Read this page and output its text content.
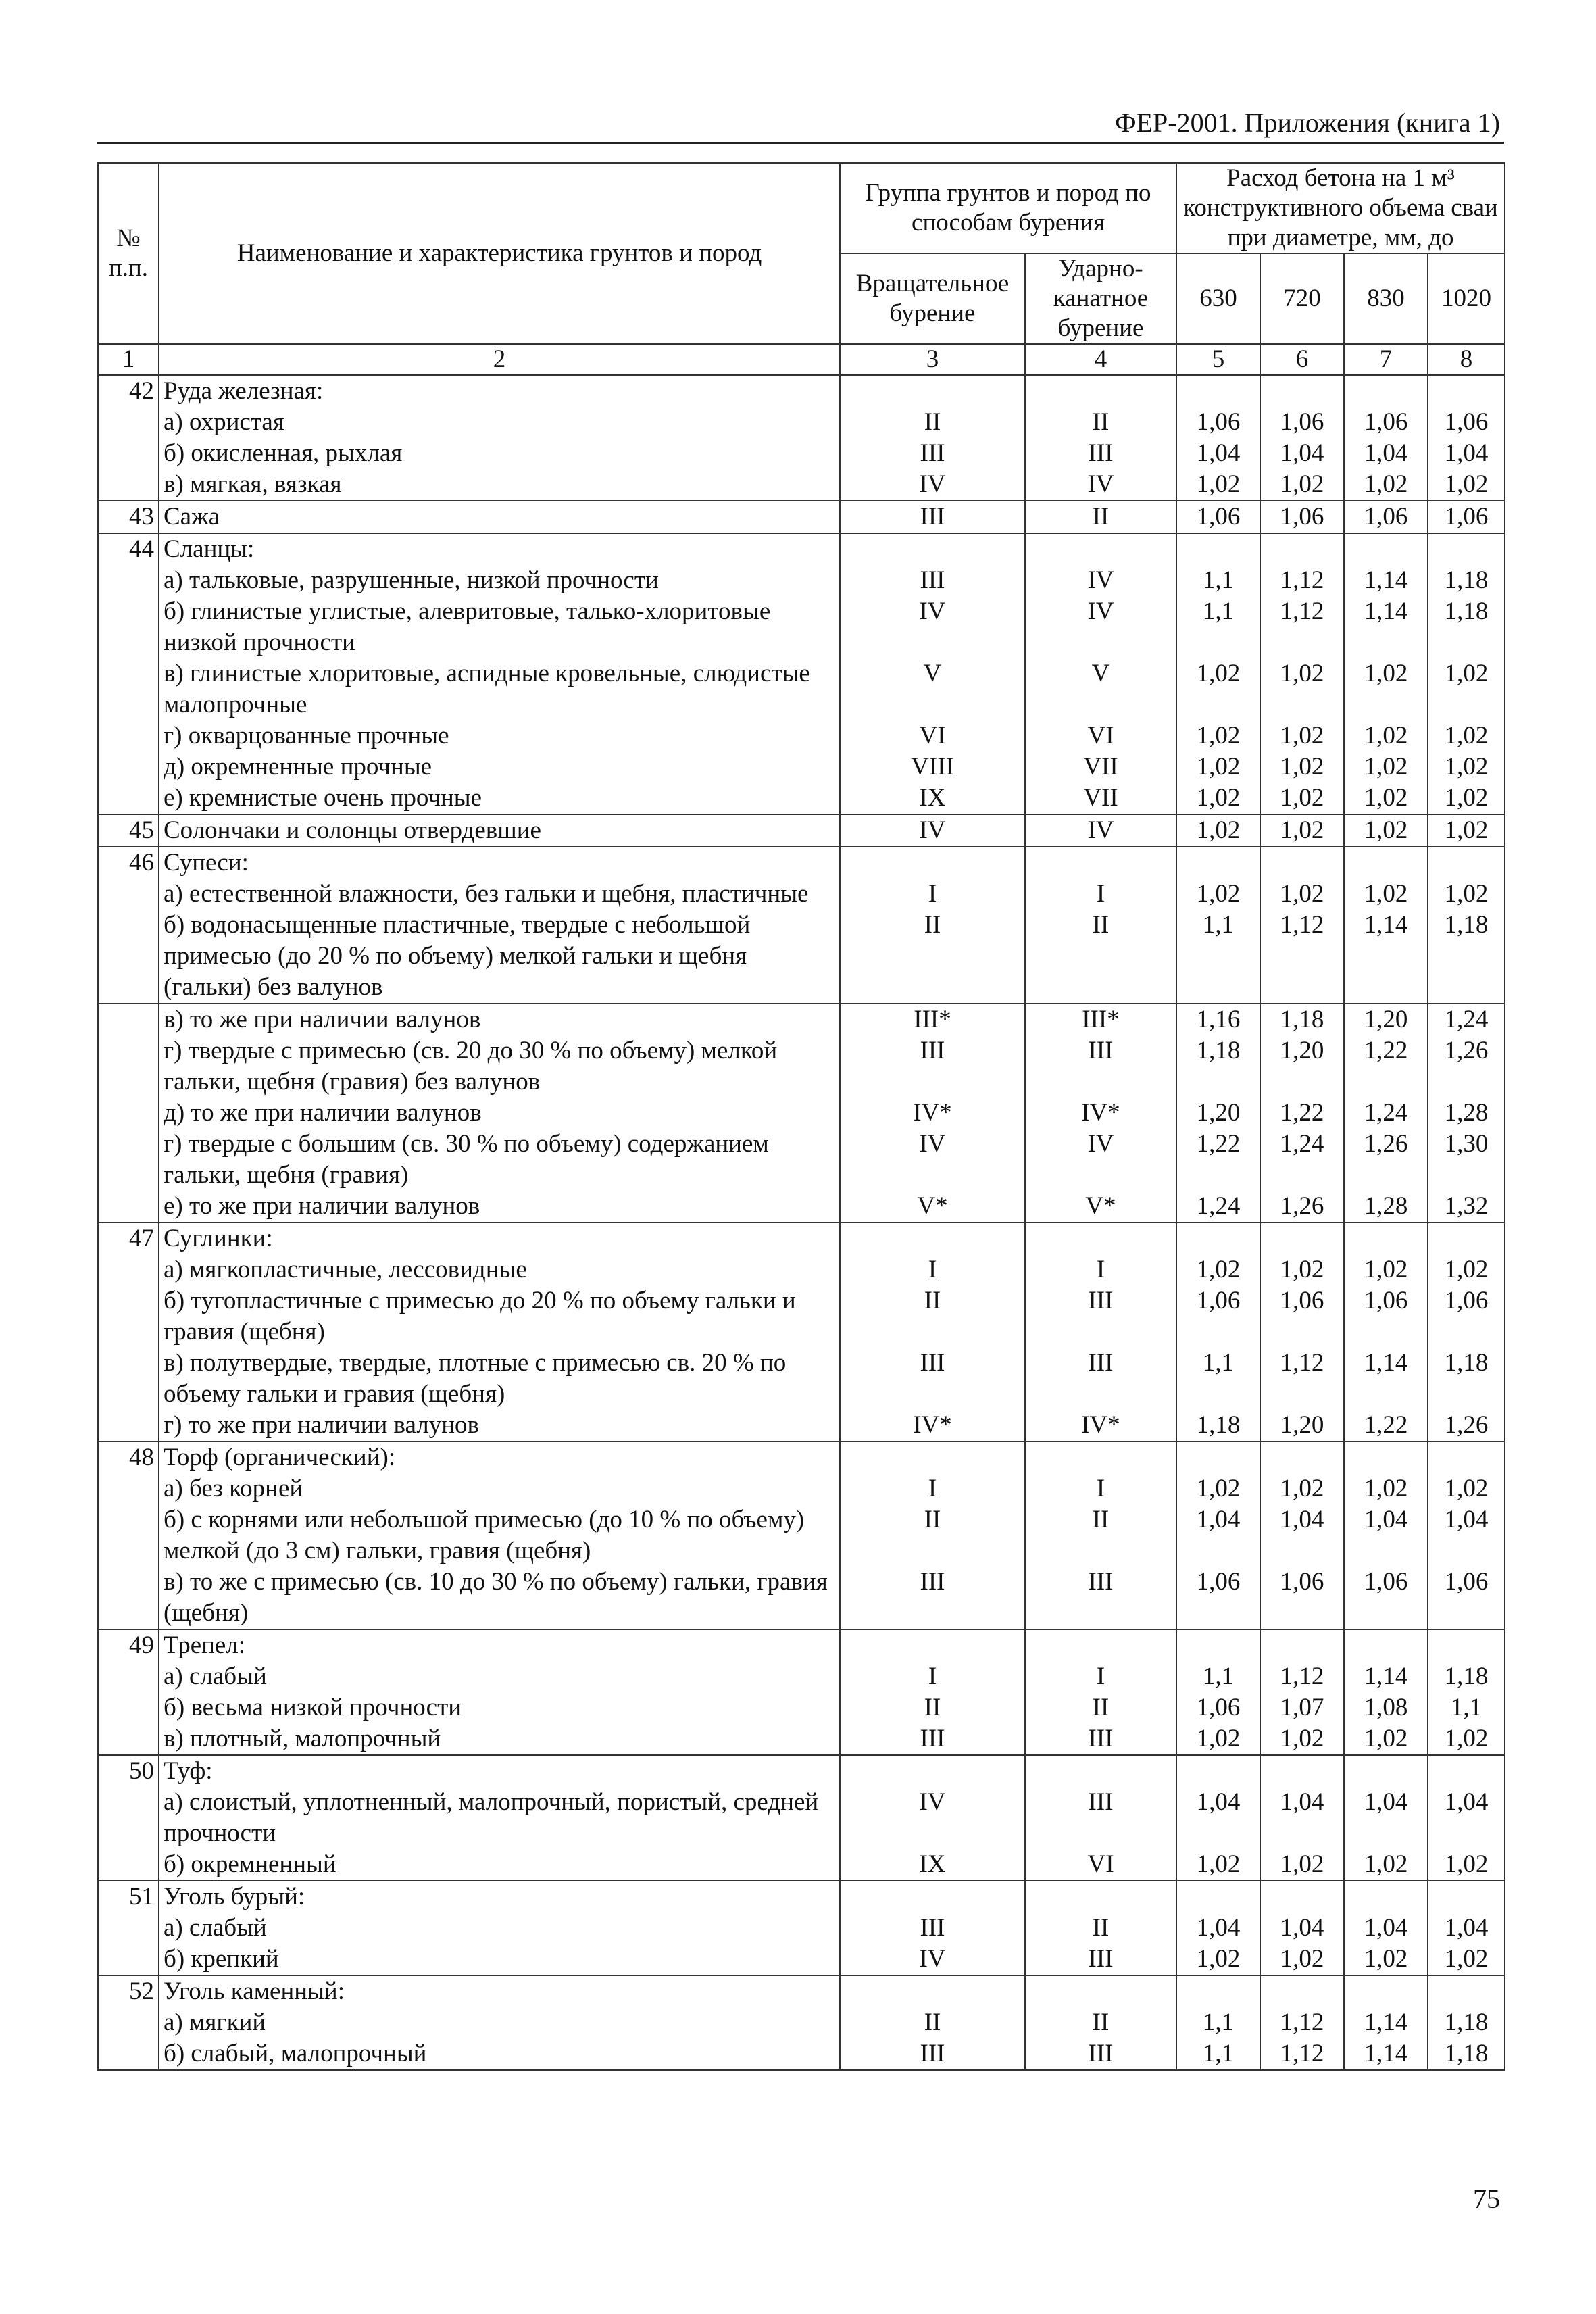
ФЕР-2001. Приложения (книга 1)
№ п.п.	Наименование и характеристика грунтов и пород	Группа грунтов и пород по способам бурения		Расход бетона на 1 м³ конструктивного объема сваи при диаметре, мм, до			
		Вращательное бурение	Ударно-канатное бурение	630	720	830	1020
1	2	3	4	5	6	7	8
42	Руда железная:						
	а) охристая	II	II	1,06	1,06	1,06	1,06
	б) окисленная, рыхлая	III	III	1,04	1,04	1,04	1,04
	в) мягкая, вязкая	IV	IV	1,02	1,02	1,02	1,02
43	Сажа	III	II	1,06	1,06	1,06	1,06
44	Сланцы:						
	а) тальковые, разрушенные, низкой прочности	III	IV	1,1	1,12	1,14	1,18
	б) глинистые углистые, алевритовые, талько-хлоритовые низкой прочности	IV	IV	1,1	1,12	1,14	1,18
	в) глинистые хлоритовые, аспидные кровельные, слюдистые малопрочные	V	V	1,02	1,02	1,02	1,02
	г) окварцованные прочные	VI	VI	1,02	1,02	1,02	1,02
	д) окремненные прочные	VIII	VII	1,02	1,02	1,02	1,02
	е) кремнистые очень прочные	IX	VII	1,02	1,02	1,02	1,02
45	Солончаки и солонцы отвердевшие	IV	IV	1,02	1,02	1,02	1,02
46	Супеси:						
	а) естественной влажности, без гальки и щебня, пластичные	I	I	1,02	1,02	1,02	1,02
	б) водонасыщенные пластичные, твердые с небольшой примесью (до 20 % по объему) мелкой гальки и щебня (гальки) без валунов	II	II	1,1	1,12	1,14	1,18
	в) то же при наличии валунов	III*	III*	1,16	1,18	1,20	1,24
	г) твердые с примесью (св. 20 до 30 % по объему) мелкой гальки, щебня (гравия) без валунов	III	III	1,18	1,20	1,22	1,26
	д) то же при наличии валунов	IV*	IV*	1,20	1,22	1,24	1,28
	г) твердые с большим (св. 30 % по объему) содержанием гальки, щебня (гравия)	IV	IV	1,22	1,24	1,26	1,30
	е) то же при наличии валунов	V*	V*	1,24	1,26	1,28	1,32
47	Суглинки:						
	а) мягкопластичные, лессовидные	I	I	1,02	1,02	1,02	1,02
	б) тугопластичные с примесью до 20 % по объему гальки и гравия (щебня)	II	III	1,06	1,06	1,06	1,06
	в) полутвердые, твердые, плотные с примесью св. 20 % по объему гальки и гравия (щебня)	III	III	1,1	1,12	1,14	1,18
	г) то же при наличии валунов	IV*	IV*	1,18	1,20	1,22	1,26
48	Торф (органический):						
	а) без корней	I	I	1,02	1,02	1,02	1,02
	б) с корнями или небольшой примесью (до 10 % по объему) мелкой (до 3 см) гальки, гравия (щебня)	II	II	1,04	1,04	1,04	1,04
	в) то же с примесью (св. 10 до 30 % по объему) гальки, гравия (щебня)	III	III	1,06	1,06	1,06	1,06
49	Трепел:						
	а) слабый	I	I	1,1	1,12	1,14	1,18
	б) весьма низкой прочности	II	II	1,06	1,07	1,08	1,1
	в) плотный, малопрочный	III	III	1,02	1,02	1,02	1,02
50	Туф:						
	а) слоистый, уплотненный, малопрочный, пористый, средней прочности	IV	III	1,04	1,04	1,04	1,04
	б) окремненный	IX	VI	1,02	1,02	1,02	1,02
51	Уголь бурый:						
	а) слабый	III	II	1,04	1,04	1,04	1,04
	б) крепкий	IV	III	1,02	1,02	1,02	1,02
52	Уголь каменный:						
	а) мягкий	II	II	1,1	1,12	1,14	1,18
	б) слабый, малопрочный	III	III	1,1	1,12	1,14	1,18
75
